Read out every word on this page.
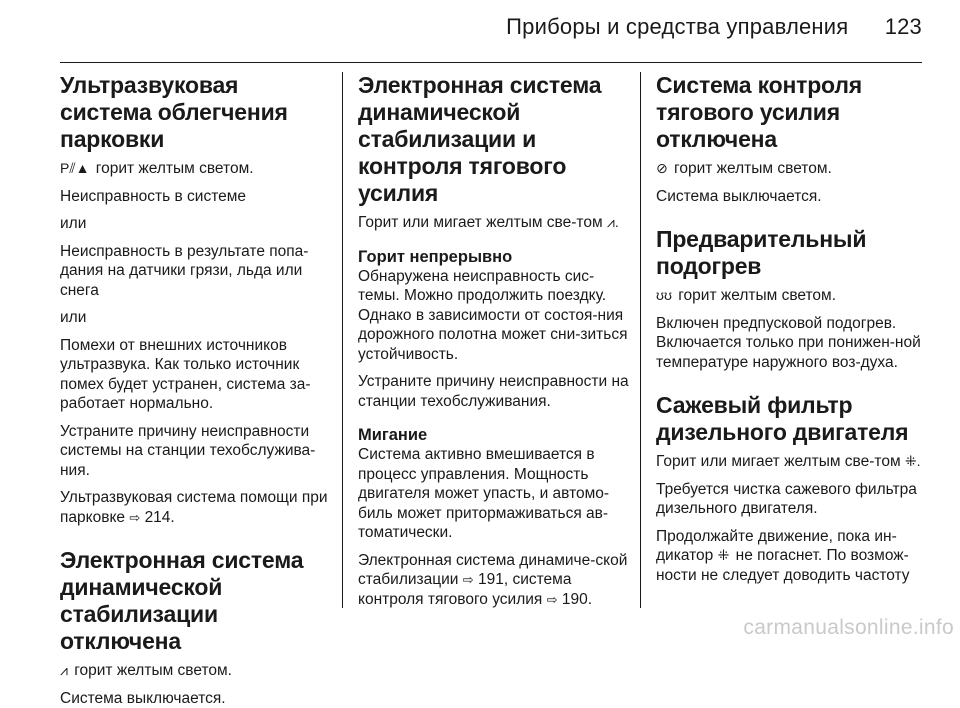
Приборы и средства управления 123
Ультразвуковая система облегчения парковки

P⫽▲ горит желтым светом.

Неисправность в системе

или

Неисправность в результате попа-дания на датчики грязи, льда или снега

или

Помехи от внешних источников ультразвука. Как только источник помех будет устранен, система за-работает нормально.

Устраните причину неисправности системы на станции техобслужива-ния.

Ультразвуковая система помощи при парковке ⇨ 214.

Электронная система динамической стабилизации отключена

⩘ горит желтым светом.

Система выключается.

Электронная система динамической стабилизации и контроля тягового усилия

Горит или мигает желтым све-том ⩘.

Горит непрерывно

Обнаружена неисправность сис-темы. Можно продолжить поездку. Однако в зависимости от состоя-ния дорожного полотна может сни-зиться устойчивость.

Устраните причину неисправности на станции техобслуживания.

Мигание

Система активно вмешивается в процесс управления. Мощность двигателя может упасть, и автомо-биль может притормаживаться ав-томатически.

Электронная система динамиче-ской стабилизации ⇨ 191, система контроля тягового усилия ⇨ 190.

Система контроля тягового усилия отключена

⊘ горит желтым светом.

Система выключается.

Предварительный подогрев

ʊʊ горит желтым светом.

Включен предпусковой подогрев. Включается только при понижен-ной температуре наружного воз-духа.

Сажевый фильтр дизельного двигателя

Горит или мигает желтым све-том ⁜.

Требуется чистка сажевого фильтра дизельного двигателя.

Продолжайте движение, пока ин-дикатор ⁜ не погаснет. По возмож-ности не следует доводить частоту

carmanualsonline.info
